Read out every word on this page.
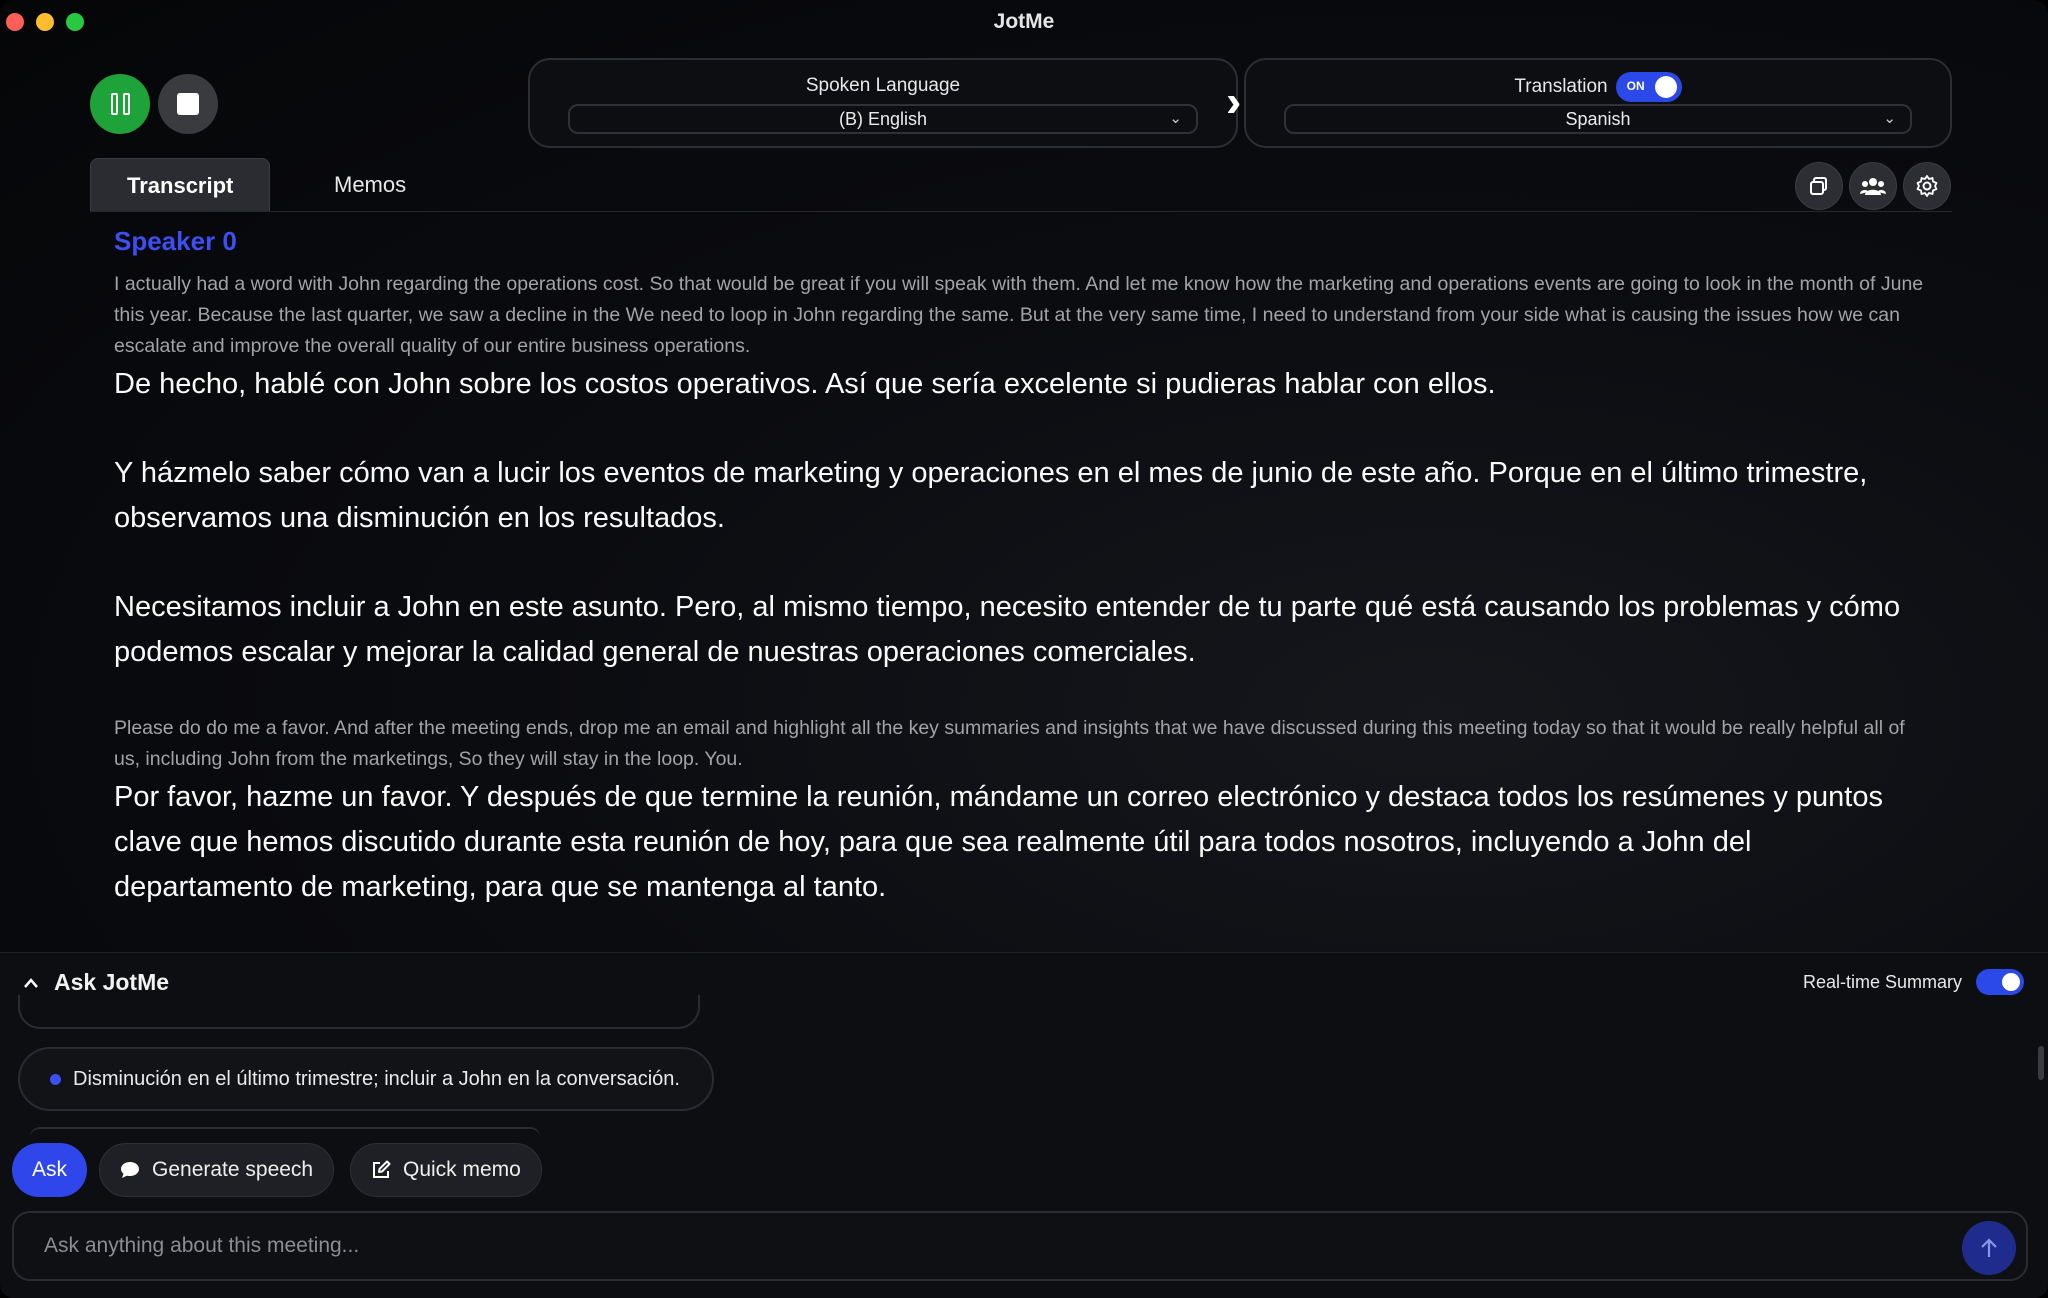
JotMe
Spoken Language
(B) English	⌄ ››	Translation ON
Spanish	⌄
Transcript	Memos
Speaker 0

I actually had a word with John regarding the operations cost. So that would be great if you will speak with them. And let me know how the marketing and operations events are going to look in the month of June this year. Because the last quarter, we saw a decline in the We need to loop in John regarding the same. But at the very same time, I need to understand from your side what is causing the issues how we can escalate and improve the overall quality of our entire business operations.

De hecho, hablé con John sobre los costos operativos. Así que sería excelente si pudieras hablar con ellos.

Y házmelo saber cómo van a lucir los eventos de marketing y operaciones en el mes de junio de este año. Porque en el último trimestre, observamos una disminución en los resultados.

Necesitamos incluir a John en este asunto. Pero, al mismo tiempo, necesito entender de tu parte qué está causando los problemas y cómo podemos escalar y mejorar la calidad general de nuestras operaciones comerciales.

Please do do me a favor. And after the meeting ends, drop me an email and highlight all the key summaries and insights that we have discussed during this meeting today so that it would be really helpful all of us, including John from the marketings, So they will stay in the loop. You.

Por favor, hazme un favor. Y después de que termine la reunión, mándame un correo electrónico y destaca todos los resúmenes y puntos clave que hemos discutido durante esta reunión de hoy, para que sea realmente útil para todos nosotros, incluyendo a John del departamento de marketing, para que se mantenga al tanto.

Ask JotMe	Real-time Summary
Disminución en el último trimestre; incluir a John en la conversación.
Ask	Generate speech	Quick memo
Ask anything about this meeting...
